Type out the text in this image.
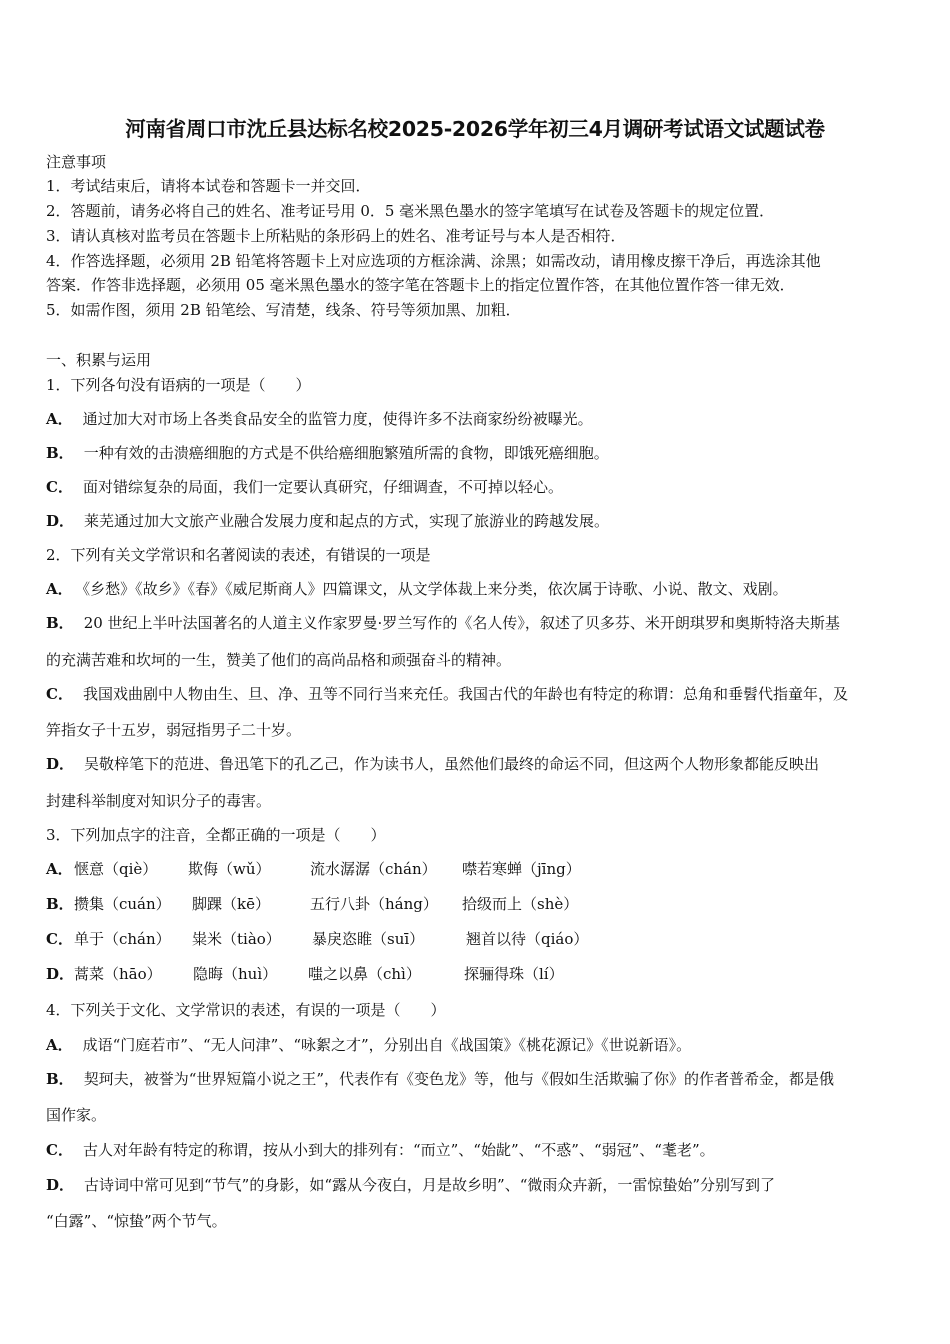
河南省周口市沈丘县达标名校2025-2026学年初三4月调研考试语文试题试卷
注意事项
1．考试结束后，请将本试卷和答题卡一并交回．
2．答题前，请务必将自己的姓名、准考证号用 0．5 毫米黑色墨水的签字笔填写在试卷及答题卡的规定位置．
3．请认真核对监考员在答题卡上所粘贴的条形码上的姓名、准考证号与本人是否相符．
4．作答选择题，必须用 2B 铅笔将答题卡上对应选项的方框涂满、涂黑；如需改动，请用橡皮擦干净后，再选涂其他
答案．作答非选择题，必须用 05 毫米黑色墨水的签字笔在答题卡上的指定位置作答，在其他位置作答一律无效．
5．如需作图，须用 2B 铅笔绘、写清楚，线条、符号等须加黑、加粗．
一、积累与运用
1．下列各句没有语病的一项是（　　）
A． 通过加大对市场上各类食品安全的监管力度，使得许多不法商家纷纷被曝光。
B． 一种有效的击溃癌细胞的方式是不供给癌细胞繁殖所需的食物，即饿死癌细胞。
C． 面对错综复杂的局面，我们一定要认真研究，仔细调查，不可掉以轻心。
D． 莱芜通过加大文旅产业融合发展力度和起点的方式，实现了旅游业的跨越发展。
2．下列有关文学常识和名著阅读的表述，有错误的一项是
A． 《乡愁》《故乡》《春》《威尼斯商人》四篇课文，从文学体裁上来分类，依次属于诗歌、小说、散文、戏剧。
B． 20 世纪上半叶法国著名的人道主义作家罗曼·罗兰写作的《名人传》，叙述了贝多芬、米开朗琪罗和奥斯特洛夫斯基
的充满苦难和坎坷的一生，赞美了他们的高尚品格和顽强奋斗的精神。
C． 我国戏曲剧中人物由生、旦、净、丑等不同行当来充任。我国古代的年龄也有特定的称谓：总角和垂髫代指童年，及
笄指女子十五岁，弱冠指男子二十岁。
D． 吴敬梓笔下的范进、鲁迅笔下的孔乙己，作为读书人，虽然他们最终的命运不同，但这两个人物形象都能反映出
封建科举制度对知识分子的毒害。
3．下列加点字的注音，全都正确的一项是（　　）
A． 惬意（qiè） 欺侮（wǔ）	流水潺潺（chán） 噤若寒蝉（jīng）
B． 攒集（cuán） 脚踝（kē）	五行八卦（háng） 拾级而上（shè）
C． 单于（chán） 粜米（tiào） 暴戾恣睢（suī）	翘首以待（qiáo）
D． 蒿菜（hāo） 隐晦（huì） 嗤之以鼻（chì）	探骊得珠（lí）
4．下列关于文化、文学常识的表述，有误的一项是（　　）
A． 成语“门庭若市”、“无人问津”、“咏絮之才”，分别出自《战国策》《桃花源记》《世说新语》。
B． 契珂夫，被誉为“世界短篇小说之王”，代表作有《变色龙》等，他与《假如生活欺骗了你》的作者普希金，都是俄
国作家。
C． 古人对年龄有特定的称谓，按从小到大的排列有：“而立”、“始龀”、“不惑”、“弱冠”、“耄老”。
D． 古诗词中常可见到“节气”的身影，如“露从今夜白，月是故乡明”、“微雨众卉新，一雷惊蛰始”分别写到了
“白露”、“惊蛰”两个节气。
